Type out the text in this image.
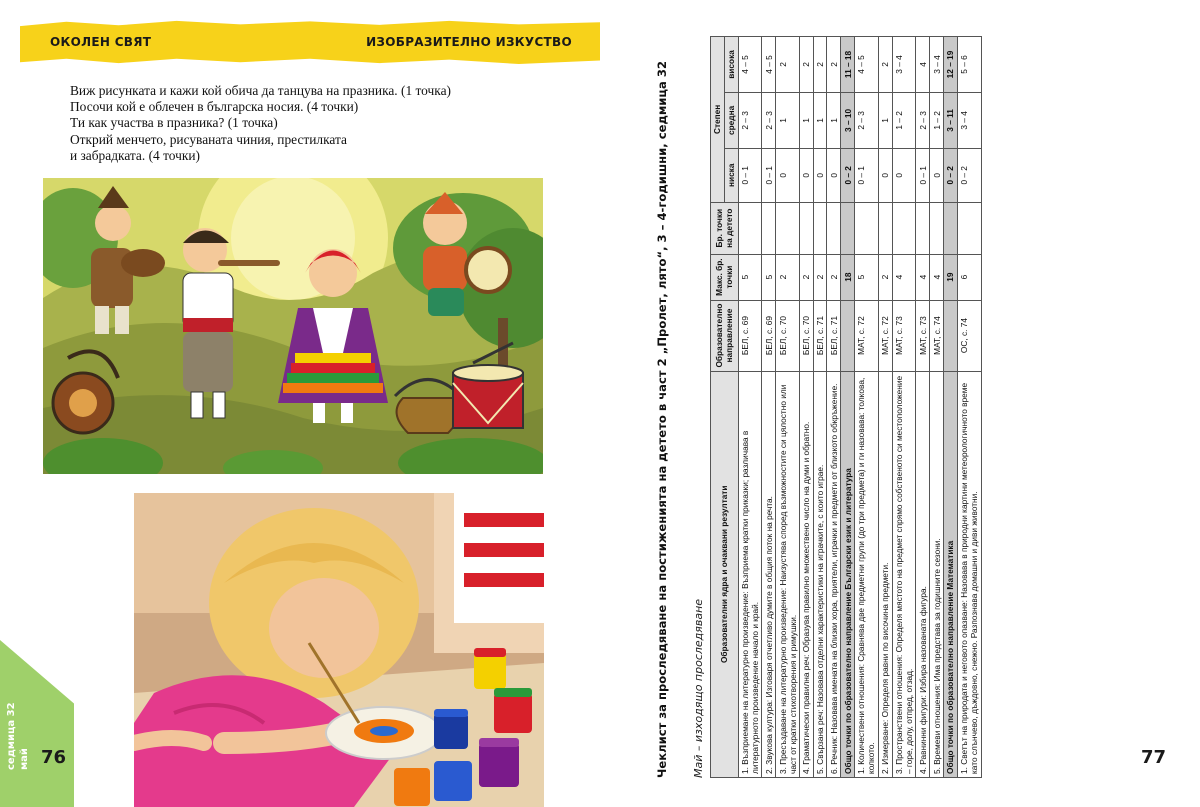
ОКОЛЕН СВЯТ	ИЗОБРАЗИТЕЛНО ИЗКУСТВО
Виж рисунката и кажи кой обича да танцува на празника. (1 точка)
Посочи кой е облечен в българска носия. (4 точки)
Ти как участва в празника? (1 точка)
Открий менчето, рисуваната чиния, престилката
и забрадката. (4 точки)
седмица 32 май 76	Чеклист за проследяване на постиженията на детето в част 2 „Пролет, лято“, 3 – 4-годишни, седмица 32 Май – изходящо проследяване
Образователни ядра и очаквани резултати	Образователно направление	Макс. бр. точки	Бр. точки на детето	Степен		
				ниска	средна	висока
1. Възприемане на литературно произведение: Възприема кратки приказки; различава в литературното произведение начало и край.	БЕЛ, с. 69	5		0 – 1	2 – 3	4 – 5
2. Звукова култура: Изговаря отчетливо думите в общия поток на речта.	БЕЛ, с. 69	5		0 – 1	2 – 3	4 – 5
3. Пресъздаване на литературно произведение: Наизустява според възможностите си цялостно или част от кратки стихотворения и римушки.	БЕЛ, с. 70	2		0	1	2
4. Граматически правилна реч: Образува правилно множествено число на думи и обратно.	БЕЛ, с. 70	2		0	1	2
5. Свързана реч: Назовава отделни характеристики на играчките, с които играе.	БЕЛ, с. 71	2		0	1	2
6. Речник: Назовава имената на близки хора, приятели, играчки и предмети от близкото обкръжение.	БЕЛ, с. 71	2		0	1	2
Общо точки по образователно направление Български език и литература		18		0 – 2	3 – 10	11 – 18
1. Количествени отношения: Сравнява две предметни групи (до три предмета) и ги назовава: толкова, колкото.	МАТ, с. 72	5		0 – 1	2 – 3	4 – 5
2. Измерване: Определя равни по височина предмети.	МАТ, с. 72	2		0	1	2
3. Пространствени отношения: Определя мястото на предмет спрямо собственото си местоположение – горе, долу, отпред, отзад.	МАТ, с. 73	4		0	1 – 2	3 – 4
4. Равнинни фигури: Избира назованата фигура.	МАТ, с. 73	4		0 – 1	2 – 3	4
5. Времеви отношения: Има представа за годишните сезони.	МАТ, с. 74	4		0	1 – 2	3 – 4
Общо точки по образователно направление Математика		19		0 – 2	3 – 11	12 – 19
1. Светът на природата и неговото опазване: Назовава в природни картини метеорологичното време като слънчево, дъждовно, снежно. Разпознава домашни и диви животни.	ОС, с. 74	6		0 – 2	3 – 4	5 – 6
77
